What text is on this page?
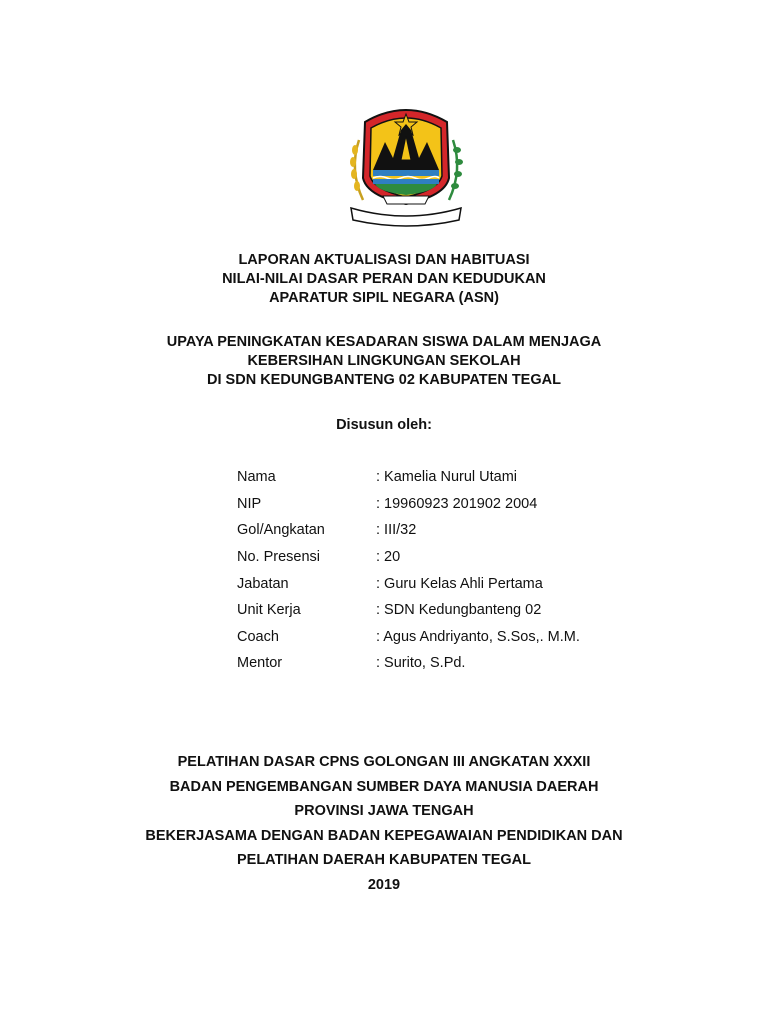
LAPORAN AKTUALISASI DAN HABITUASI
NILAI-NILAI DASAR PERAN DAN KEDUDUKAN
APARATUR SIPIL NEGARA (ASN)
UPAYA PENINGKATAN KESADARAN SISWA DALAM MENJAGA
KEBERSIHAN LINGKUNGAN SEKOLAH
DI SDN KEDUNGBANTENG 02 KABUPATEN TEGAL
Disusun oleh:
Nama	: Kamelia Nurul Utami
NIP	: 19960923 201902 2004
Gol/Angkatan	: III/32
No. Presensi	: 20
Jabatan	: Guru Kelas Ahli Pertama
Unit Kerja	: SDN Kedungbanteng 02
Coach	: Agus Andriyanto, S.Sos,. M.M.
Mentor	: Surito, S.Pd.
PELATIHAN DASAR CPNS GOLONGAN III ANGKATAN XXXII
BADAN PENGEMBANGAN SUMBER DAYA MANUSIA DAERAH
PROVINSI JAWA TENGAH
BEKERJASAMA DENGAN BADAN KEPEGAWAIAN PENDIDIKAN DAN
PELATIHAN DAERAH KABUPATEN TEGAL
2019
